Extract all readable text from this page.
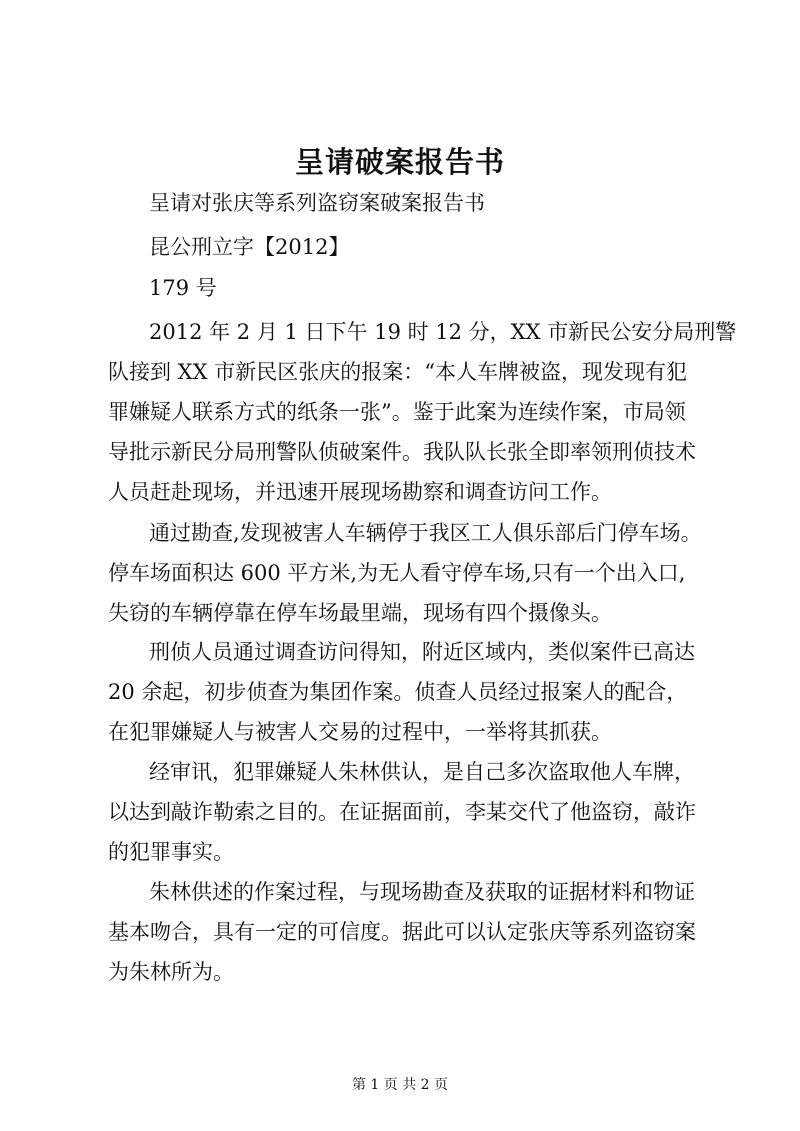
呈请破案报告书
呈请对张庆等系列盗窃案破案报告书
昆公刑立字【2012】
179 号
2012 年 2 月 1 日下午 19 时 12 分，XX 市新民公安分局刑警
队接到 XX 市新民区张庆的报案：“本人车牌被盗，现发现有犯
罪嫌疑人联系方式的纸条一张”。鉴于此案为连续作案，市局领
导批示新民分局刑警队侦破案件。我队队长张全即率领刑侦技术
人员赶赴现场，并迅速开展现场勘察和调查访问工作。
通过勘查,发现被害人车辆停于我区工人俱乐部后门停车场。
停车场面积达 600 平方米,为无人看守停车场,只有一个出入口,
失窃的车辆停靠在停车场最里端，现场有四个摄像头。
刑侦人员通过调查访问得知，附近区域内，类似案件已高达
20 余起，初步侦查为集团作案。侦查人员经过报案人的配合，
在犯罪嫌疑人与被害人交易的过程中，一举将其抓获。
经审讯，犯罪嫌疑人朱林供认，是自己多次盗取他人车牌，
以达到敲诈勒索之目的。在证据面前，李某交代了他盗窃，敲诈
的犯罪事实。
朱林供述的作案过程，与现场勘查及获取的证据材料和物证
基本吻合，具有一定的可信度。据此可以认定张庆等系列盗窃案
为朱林所为。
第 1 页 共 2 页
